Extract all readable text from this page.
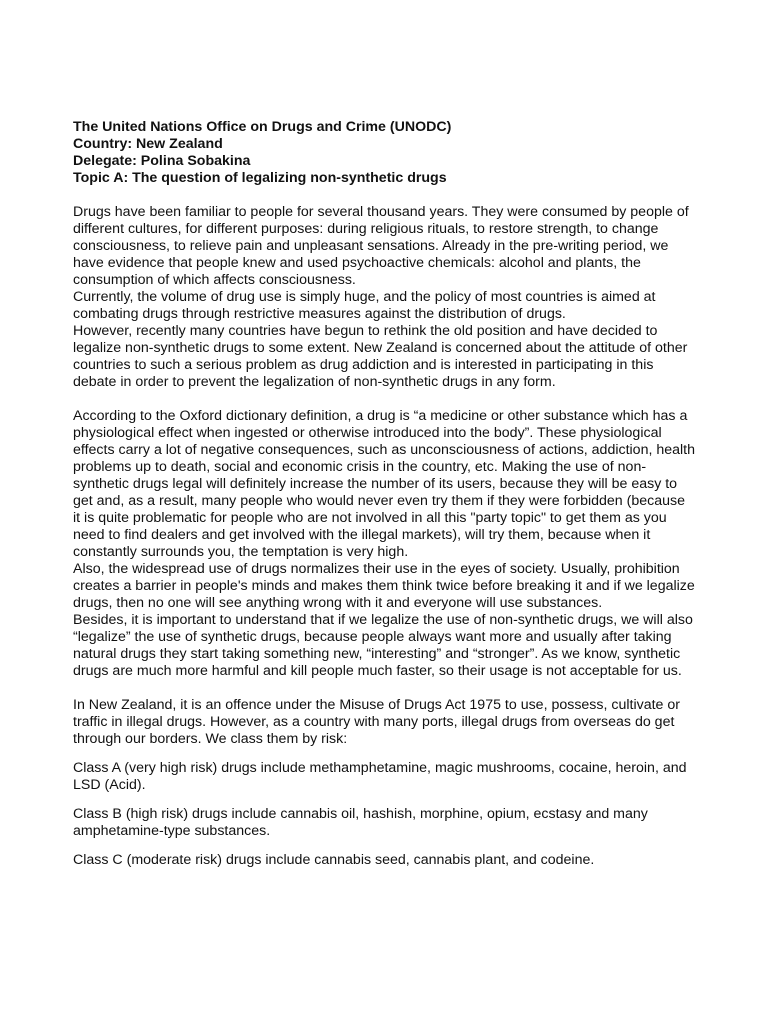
The United Nations Office on Drugs and Crime (UNODC)

Country: New Zealand

Delegate: Polina Sobakina

Topic A: The question of legalizing non-synthetic drugs

Drugs have been familiar to people for several thousand years. They were consumed by people of different cultures, for different purposes: during religious rituals, to restore strength, to change consciousness, to relieve pain and unpleasant sensations. Already in the pre-writing period, we have evidence that people knew and used psychoactive chemicals: alcohol and plants, the consumption of which affects consciousness.

Currently, the volume of drug use is simply huge, and the policy of most countries is aimed at combating drugs through restrictive measures against the distribution of drugs.

However, recently many countries have begun to rethink the old position and have decided to legalize non-synthetic drugs to some extent. New Zealand is concerned about the attitude of other countries to such a serious problem as drug addiction and is interested in participating in this debate in order to prevent the legalization of non-synthetic drugs in any form.

According to the Oxford dictionary definition, a drug is “a medicine or other substance which has a physiological effect when ingested or otherwise introduced into the body”. These physiological effects carry a lot of negative consequences, such as unconsciousness of actions, addiction, health problems up to death, social and economic crisis in the country, etc. Making the use of non-synthetic drugs legal will definitely increase the number of its users, because they will be easy to get and, as a result, many people who would never even try them if they were forbidden (because it is quite problematic for people who are not involved in all this "party topic" to get them as you need to find dealers and get involved with the illegal markets), will try them, because when it constantly surrounds you, the temptation is very high.

Also, the widespread use of drugs normalizes their use in the eyes of society. Usually, prohibition creates a barrier in people's minds and makes them think twice before breaking it and if we legalize drugs, then no one will see anything wrong with it and everyone will use substances.

Besides, it is important to understand that if we legalize the use of non-synthetic drugs, we will also “legalize” the use of synthetic drugs, because people always want more and usually after taking natural drugs they start taking something new, “interesting” and “stronger”. As we know, synthetic drugs are much more harmful and kill people much faster, so their usage is not acceptable for us.

In New Zealand, it is an offence under the Misuse of Drugs Act 1975 to use, possess, cultivate or traffic in illegal drugs. However, as a country with many ports, illegal drugs from overseas do get through our borders. We class them by risk:

Class A (very high risk) drugs include methamphetamine, magic mushrooms, cocaine, heroin, and LSD (Acid).

Class B (high risk) drugs include cannabis oil, hashish, morphine, opium, ecstasy and many amphetamine-type substances.

Class C (moderate risk) drugs include cannabis seed, cannabis plant, and codeine.
